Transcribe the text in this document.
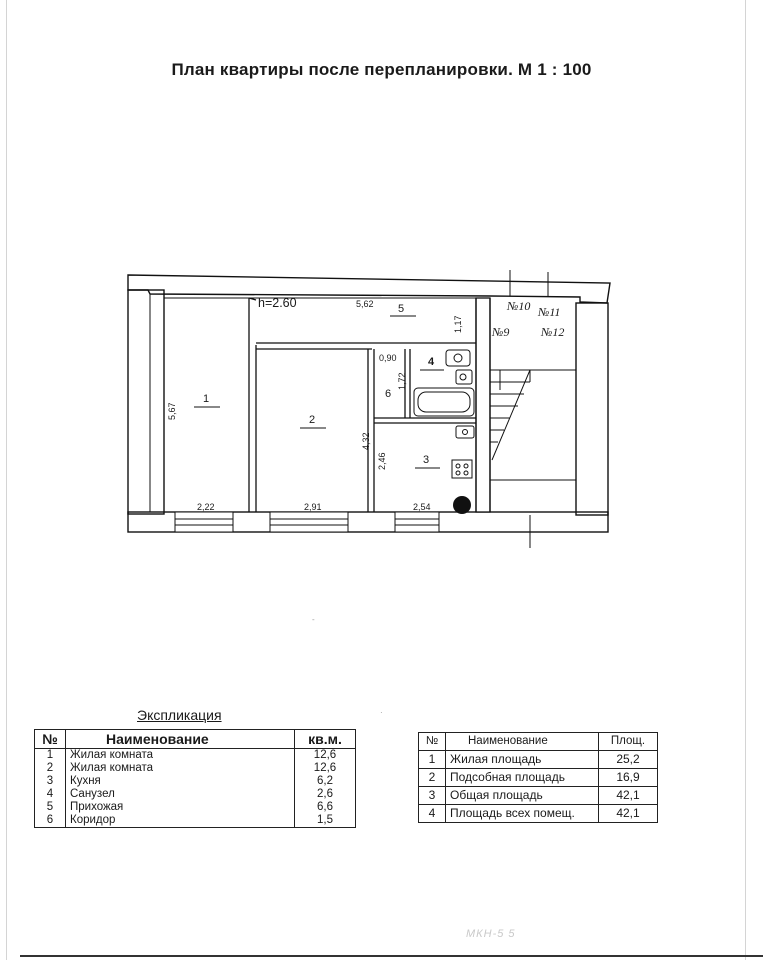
План квартиры после перепланировки. М 1 : 100
h=2.60
1
2
3
4
5
6
5,67
2,22	2,91
4,32
2,54
2,46
5,62
1,17
0,90
1,72
№10 №11
№9	№12
Экспликация
№	Наименование	кв.м.
1	Жилая комната	12,6
2	Жилая комната	12,6
3	Кухня	6,2
4	Санузел	2,6
5	Прихожая	6,6
6	Коридор	1,5
№	Наименование	Площ.
1	Жилая площадь	25,2
2	Подсобная площадь	16,9
3	Общая площадь	42,1
4	Площадь всех помещ.	42,1
-
·
МКН-5 5
